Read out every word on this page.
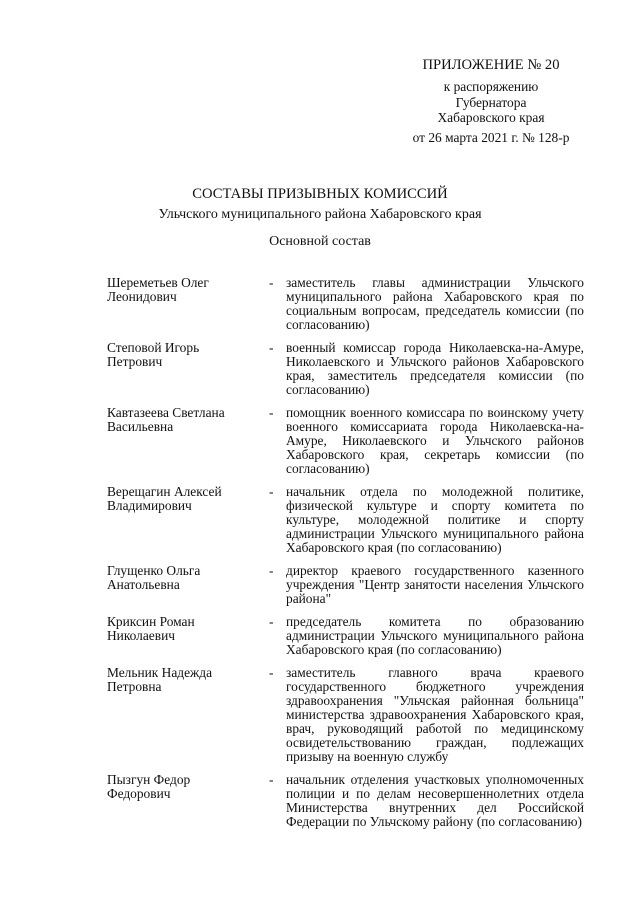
ПРИЛОЖЕНИЕ № 20
к распоряжению
Губернатора
Хабаровского края
от 26 марта 2021 г. № 128-р
СОСТАВЫ ПРИЗЫВНЫХ КОМИССИЙ
Ульчского муниципального района Хабаровского края
Основной состав
Шереметьев Олег
Леонидович
- заместитель главы администрации Ульчского муниципального района Хабаровского края по социальным вопросам, председатель комиссии (по согласованию)
Степовой Игорь
Петрович
- военный комиссар города Николаевска-на-Амуре, Николаевского и Ульчского районов Хабаровского края, заместитель председателя комиссии (по согласованию)
Кавтазеева Светлана
Васильевна
- помощник военного комиссара по воинскому учету военного комиссариата города Николаевска-на-Амуре, Николаевского и Ульчского районов Хабаровского края, секретарь комиссии (по согласованию)
Верещагин Алексей
Владимирович
- начальник отдела по молодежной политике, физической культуре и спорту комитета по культуре, молодежной политике и спорту администрации Ульчского муниципального района Хабаровского края (по согласованию)
Глущенко Ольга
Анатольевна
- директор краевого государственного казенного учреждения "Центр занятости населения Ульчского района"
Криксин Роман
Николаевич
- председатель комитета по образованию администрации Ульчского муниципального района Хабаровского края (по согласованию)
Мельник Надежда
Петровна
- заместитель главного врача краевого государственного бюджетного учреждения здравоохранения "Ульчская районная больница" министерства здравоохранения Хабаровского края, врач, руководящий работой по медицинскому освидетельствованию граждан, подлежащих призыву на военную службу
Пызгун Федор
Федорович
- начальник отделения участковых уполномоченных полиции и по делам несовершеннолетних отдела Министерства внутренних дел Российской Федерации по Ульчскому району (по согласованию)
